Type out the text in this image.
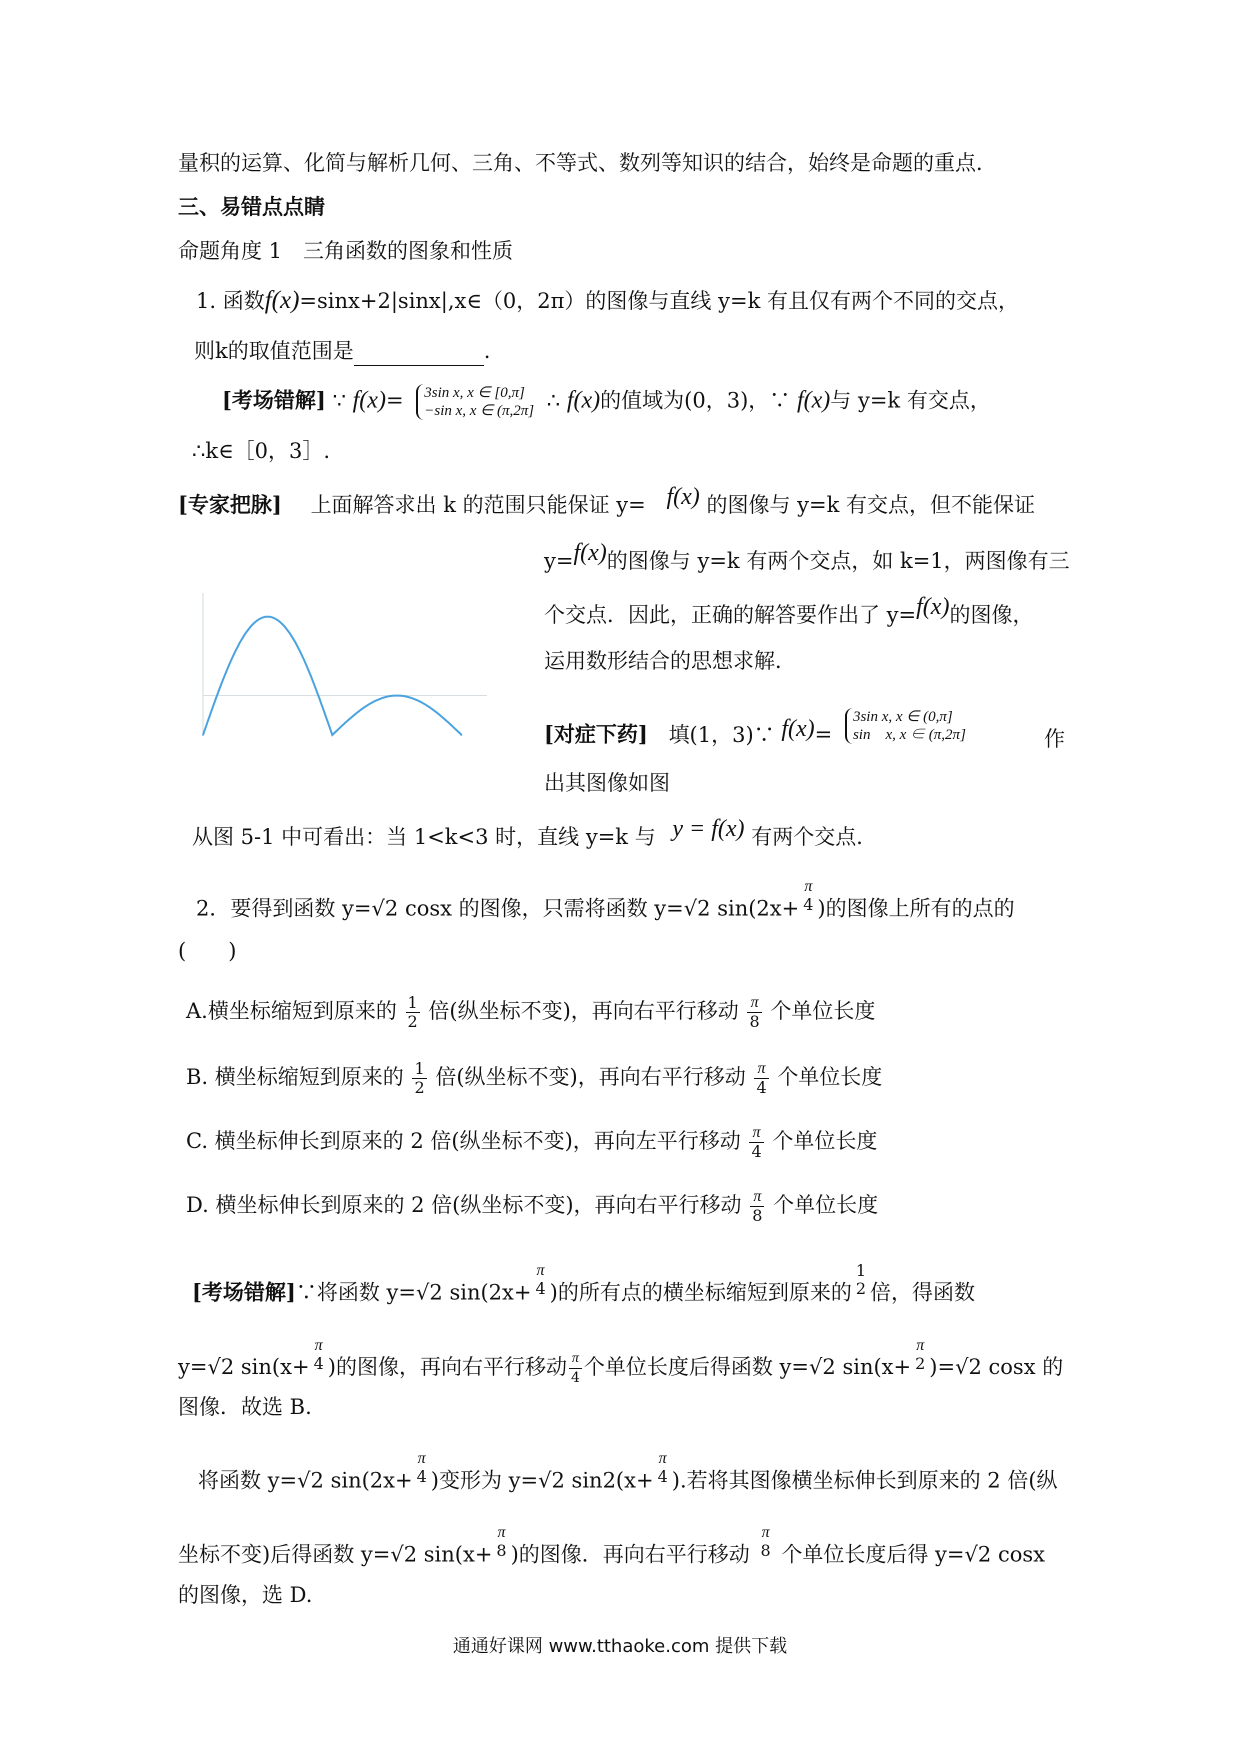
量积的运算、化简与解析几何、三角、不等式、数列等知识的结合，始终是命题的重点．
三、易错点点睛
命题角度 1　三角函数的图象和性质
1. 函数f(x)=sinx+2|sinx|,x∈（0，2π）的图像与直线 y=k 有且仅有两个不同的交点，
则k的取值范围是	.
[考场错解] ∵ f(x)= 3sin x, x ∈ [0,π]
−sin x, x ∈ (π,2π] ∴ f(x)的值域为(0，3)，∵ f(x)与 y=k 有交点，
∴k∈［0，3］.
[专家把脉] 上面解答求出 k 的范围只能保证 y= f(x) 的图像与 y=k 有交点，但不能保证
y=f(x)的图像与 y=k 有两个交点，如 k=1，两图像有三
个交点．因此，正确的解答要作出了 y=f(x)的图像，
运用数形结合的思想求解．
[对症下药] 填(1，3)∵ f(x)=
3sin x, x ∈ (0,π]
sin　x, x ∈ (π,2π]	作
出其图像如图
从图 5-1 中可看出：当 1<k<3 时，直线 y=k 与 y = f(x) 有两个交点．
2．要得到函数 y=√2 cosx 的图像，只需将函数 y=√2 sin(2x+
π
4 )的图像上所有的点的
(　　)
A.横坐标缩短到原来的 $\frac{1}{2}$ 倍(纵坐标不变)，再向右平行移动 $\frac{\pi}{8}$ 个单位长度
B. 横坐标缩短到原来的 $\frac{1}{2}$ 倍(纵坐标不变)，再向右平行移动 $\frac{\pi}{4}$ 个单位长度
C. 横坐标伸长到原来的 2 倍(纵坐标不变)，再向左平行移动 $\frac{\pi}{4}$ 个单位长度
D. 横坐标伸长到原来的 2 倍(纵坐标不变)，再向右平行移动 $\frac{\pi}{8}$ 个单位长度
[考场错解]∵将函数 y=√2 sin(2x+
π
4 )的所有点的横坐标缩短到原来的
1
2 倍，得函数
y=√2 sin(x+
π
4 )的图像，再向右平行移动 $\frac{\pi}{4}$ 个单位长度后得函数 y=√2 sin(x+
π
2 )=√2 cosx 的
图像．故选 B.
将函数 y=√2 sin(2x+
π
4 )变形为 y=√2 sin2(x+
π
4 ).若将其图像横坐标伸长到原来的 2 倍(纵
坐标不变)后得函数 y=√2 sin(x+
π
8 )的图像．再向右平行移动
π
8 个单位长度后得 y=√2 cosx
的图像，选 D.
通通好课网 www.tthaoke.com 提供下载
